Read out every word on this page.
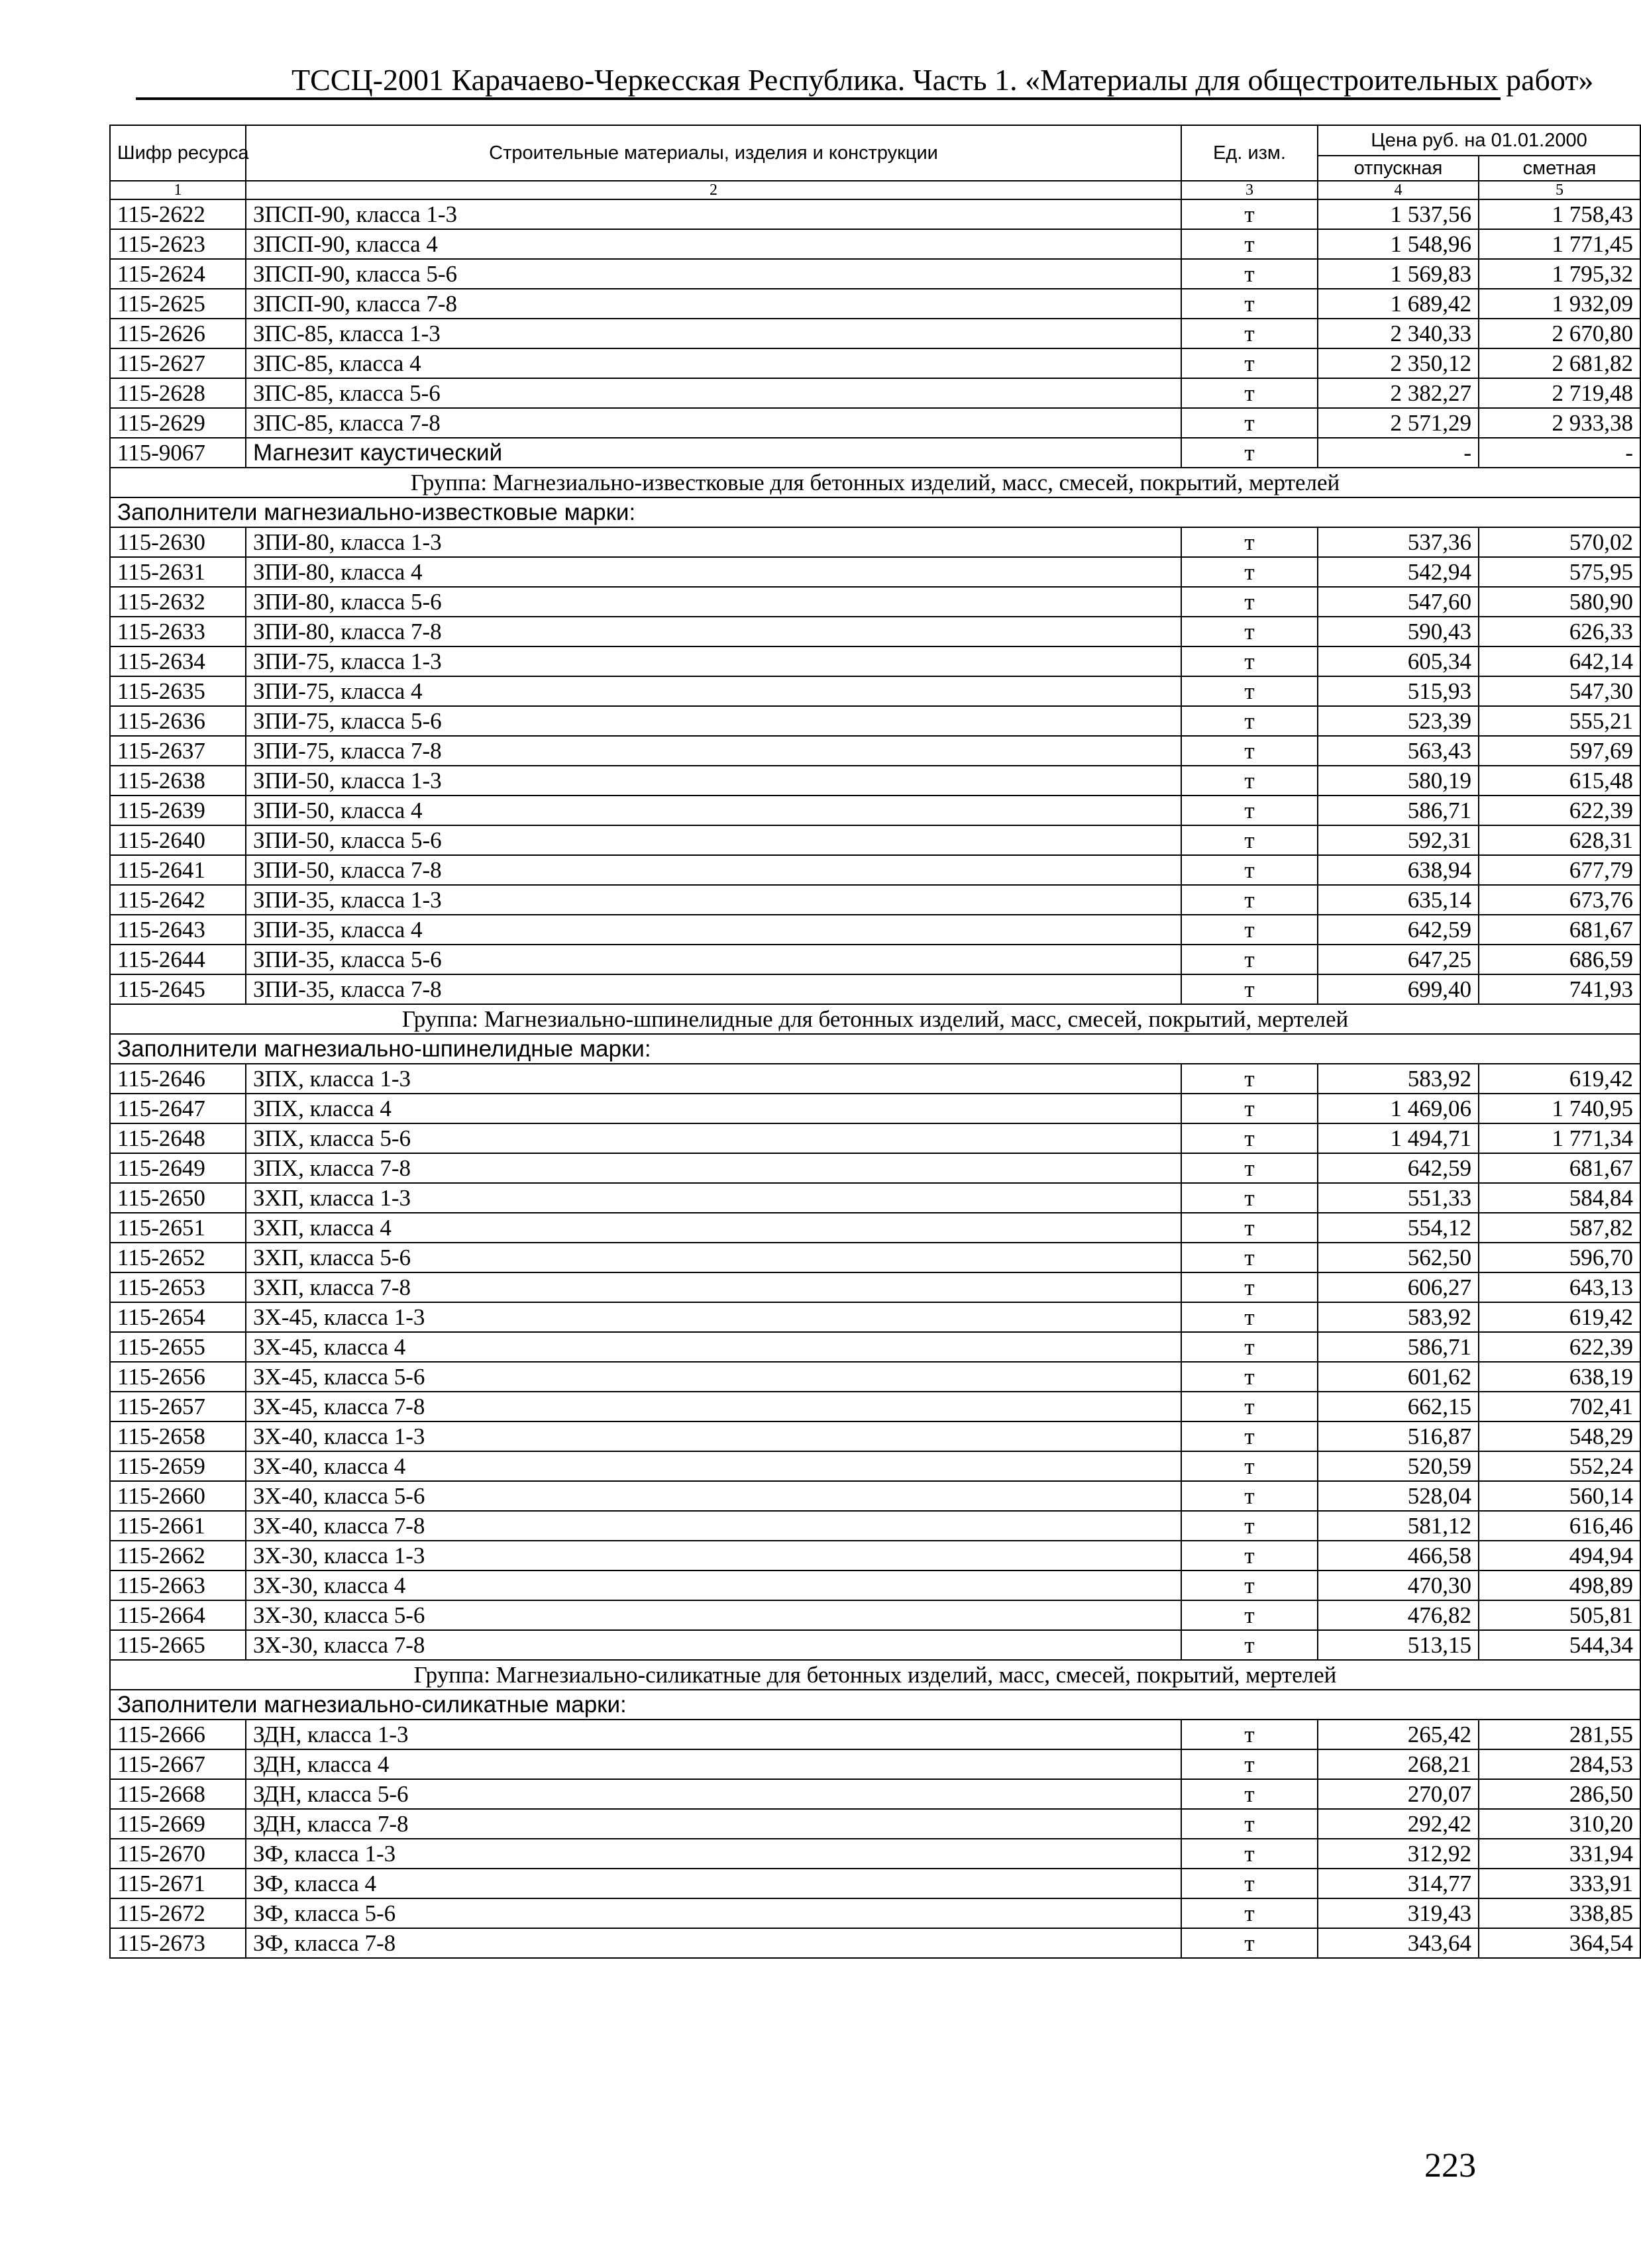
ТССЦ-2001 Карачаево-Черкесская Республика. Часть 1. «Материалы для общестроительных работ»
Шифр ресурса	Строительные материалы, изделия и конструкции	Ед. изм.	Цена руб. на 01.01.2000	
			отпускная	сметная
1	2	3	4	5
115-2622	ЗПСП-90, класса 1-3	т	1 537,56	1 758,43
115-2623	ЗПСП-90, класса 4	т	1 548,96	1 771,45
115-2624	ЗПСП-90, класса 5-6	т	1 569,83	1 795,32
115-2625	ЗПСП-90, класса 7-8	т	1 689,42	1 932,09
115-2626	ЗПС-85, класса 1-3	т	2 340,33	2 670,80
115-2627	ЗПС-85, класса 4	т	2 350,12	2 681,82
115-2628	ЗПС-85, класса 5-6	т	2 382,27	2 719,48
115-2629	ЗПС-85, класса 7-8	т	2 571,29	2 933,38
115-9067	Магнезит каустический	т	-	-
Группа: Магнезиально-известковые для бетонных изделий, масс, смесей, покрытий, мертелей				
Заполнители магнезиально-известковые марки:				
115-2630	ЗПИ-80, класса 1-3	т	537,36	570,02
115-2631	ЗПИ-80, класса 4	т	542,94	575,95
115-2632	ЗПИ-80, класса 5-6	т	547,60	580,90
115-2633	ЗПИ-80, класса 7-8	т	590,43	626,33
115-2634	ЗПИ-75, класса 1-3	т	605,34	642,14
115-2635	ЗПИ-75, класса 4	т	515,93	547,30
115-2636	ЗПИ-75, класса 5-6	т	523,39	555,21
115-2637	ЗПИ-75, класса 7-8	т	563,43	597,69
115-2638	ЗПИ-50, класса 1-3	т	580,19	615,48
115-2639	ЗПИ-50, класса 4	т	586,71	622,39
115-2640	ЗПИ-50, класса 5-6	т	592,31	628,31
115-2641	ЗПИ-50, класса 7-8	т	638,94	677,79
115-2642	ЗПИ-35, класса 1-3	т	635,14	673,76
115-2643	ЗПИ-35, класса 4	т	642,59	681,67
115-2644	ЗПИ-35, класса 5-6	т	647,25	686,59
115-2645	ЗПИ-35, класса 7-8	т	699,40	741,93
Группа: Магнезиально-шпинелидные для бетонных изделий, масс, смесей, покрытий, мертелей				
Заполнители магнезиально-шпинелидные марки:				
115-2646	ЗПХ, класса 1-3	т	583,92	619,42
115-2647	ЗПХ, класса 4	т	1 469,06	1 740,95
115-2648	ЗПХ, класса 5-6	т	1 494,71	1 771,34
115-2649	ЗПХ, класса 7-8	т	642,59	681,67
115-2650	ЗХП, класса 1-3	т	551,33	584,84
115-2651	ЗХП, класса 4	т	554,12	587,82
115-2652	ЗХП, класса 5-6	т	562,50	596,70
115-2653	ЗХП, класса 7-8	т	606,27	643,13
115-2654	ЗХ-45, класса 1-3	т	583,92	619,42
115-2655	ЗХ-45, класса 4	т	586,71	622,39
115-2656	ЗХ-45, класса 5-6	т	601,62	638,19
115-2657	ЗХ-45, класса 7-8	т	662,15	702,41
115-2658	ЗХ-40, класса 1-3	т	516,87	548,29
115-2659	ЗХ-40, класса 4	т	520,59	552,24
115-2660	ЗХ-40, класса 5-6	т	528,04	560,14
115-2661	ЗХ-40, класса 7-8	т	581,12	616,46
115-2662	ЗХ-30, класса 1-3	т	466,58	494,94
115-2663	ЗХ-30, класса 4	т	470,30	498,89
115-2664	ЗХ-30, класса 5-6	т	476,82	505,81
115-2665	ЗХ-30, класса 7-8	т	513,15	544,34
Группа: Магнезиально-силикатные для бетонных изделий, масс, смесей, покрытий, мертелей				
Заполнители магнезиально-силикатные марки:				
115-2666	ЗДН, класса 1-3	т	265,42	281,55
115-2667	ЗДН, класса 4	т	268,21	284,53
115-2668	ЗДН, класса 5-6	т	270,07	286,50
115-2669	ЗДН, класса 7-8	т	292,42	310,20
115-2670	ЗФ, класса 1-3	т	312,92	331,94
115-2671	ЗФ, класса 4	т	314,77	333,91
115-2672	ЗФ, класса 5-6	т	319,43	338,85
115-2673	ЗФ, класса 7-8	т	343,64	364,54
223
